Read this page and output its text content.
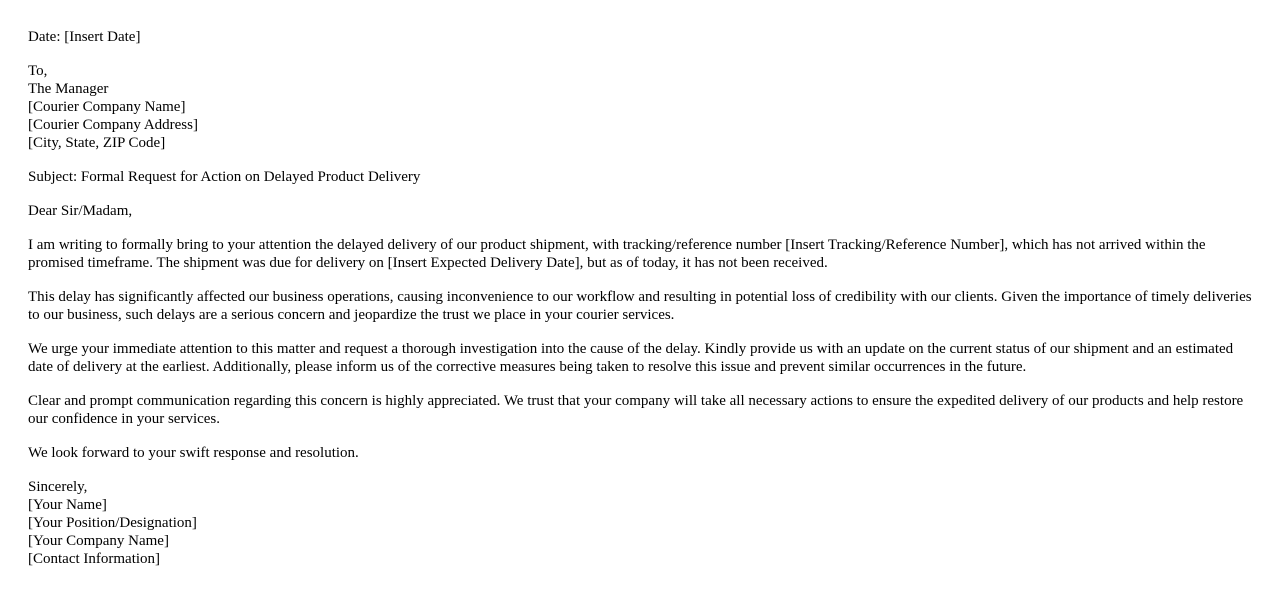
Date: [Insert Date]
To,
The Manager
[Courier Company Name]
[Courier Company Address]
[City, State, ZIP Code]
Subject: Formal Request for Action on Delayed Product Delivery
Dear Sir/Madam,

I am writing to formally bring to your attention the delayed delivery of our product shipment, with tracking/reference number [Insert Tracking/Reference Number], which has not arrived within the promised timeframe. The shipment was due for delivery on [Insert Expected Delivery Date], but as of today, it has not been received.

This delay has significantly affected our business operations, causing inconvenience to our workflow and resulting in potential loss of credibility with our clients. Given the importance of timely deliveries to our business, such delays are a serious concern and jeopardize the trust we place in your courier services.

We urge your immediate attention to this matter and request a thorough investigation into the cause of the delay. Kindly provide us with an update on the current status of our shipment and an estimated date of delivery at the earliest. Additionally, please inform us of the corrective measures being taken to resolve this issue and prevent similar occurrences in the future.

Clear and prompt communication regarding this concern is highly appreciated. We trust that your company will take all necessary actions to ensure the expedited delivery of our products and help restore our confidence in your services.

We look forward to your swift response and resolution.

Sincerely,
[Your Name]
[Your Position/Designation]
[Your Company Name]
[Contact Information]
